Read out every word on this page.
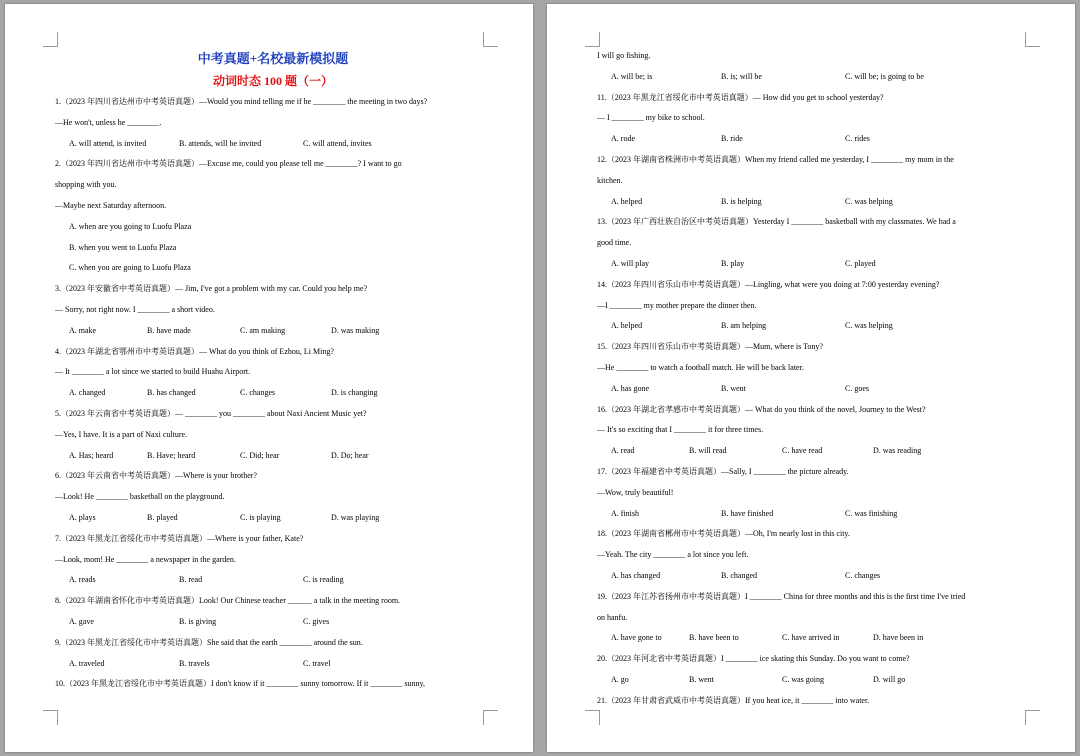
中考真题+名校最新模拟题
动词时态 100 题（一）
1.（2023 年四川省达州市中考英语真题）—Would you mind telling me if he ________ the meeting in two days?
—He won't, unless he ________.
A. will attend, is invited	B. attends, will be invited	C. will attend, invites
2.（2023 年四川省达州市中考英语真题）—Excuse me, could you please tell me ________? I want to go
shopping with you.
—Maybe next Saturday afternoon.
A. when are you going to Luofu Plaza
B. when you went to Luofu Plaza
C. when you are going to Luofu Plaza
3.（2023 年安徽省中考英语真题）— Jim, I've got a problem with my car. Could you help me?
— Sorry, not right now. I ________ a short video.
A. make	B. have made	C. am making	D. was making
4.（2023 年湖北省鄂州市中考英语真题）— What do you think of Ezhou, Li Ming?
— It ________ a lot since we started to build Huahu Airport.
A. changed	B. has changed	C. changes	D. is changing
5.（2023 年云南省中考英语真题）— ________ you ________ about Naxi Ancient Music yet?
—Yes, I have. It is a part of Naxi culture.
A. Has; heard	B. Have; heard	C. Did; hear	D. Do; hear
6.（2023 年云南省中考英语真题）—Where is your brother?
—Look! He ________ basketball on the playground.
A. plays	B. played	C. is playing	D. was playing
7.（2023 年黑龙江省绥化市中考英语真题）—Where is your father, Kate?
—Look, mom! He ________ a newspaper in the garden.
A. reads	B. read	C. is reading
8.（2023 年湖南省怀化市中考英语真题）Look! Our Chinese teacher ______ a talk in the meeting room.
A. gave	B. is giving	C. gives
9.（2023 年黑龙江省绥化市中考英语真题）She said that the earth ________ around the sun.
A. traveled	B. travels	C. travel
10.（2023 年黑龙江省绥化市中考英语真题）I don't know if it ________ sunny tomorrow. If it ________ sunny,
I will go fishing.
A. will be; is	B. is; will be	C. will be; is going to be
11.（2023 年黑龙江省绥化市中考英语真题）— How did you get to school yesterday?
— I ________ my bike to school.
A. rode	B. ride	C. rides
12.（2023 年湖南省株洲市中考英语真题）When my friend called me yesterday, I ________ my mom in the
kitchen.
A. helped	B. is helping	C. was helping
13.（2023 年广西壮族自治区中考英语真题）Yesterday I ________ basketball with my classmates. We had a
good time.
A. will play	B. play	C. played
14.（2023 年四川省乐山市中考英语真题）—Lingling, what were you doing at 7:00 yesterday evening?
—I ________ my mother prepare the dinner then.
A. helped	B. am helping	C. was helping
15.（2023 年四川省乐山市中考英语真题）—Mum, where is Tony?
—He ________ to watch a football match. He will be back later.
A. has gone	B. went	C. goes
16.（2023 年湖北省孝感市中考英语真题）— What do you think of the novel, Journey to the West?
— It's so exciting that I ________ it for three times.
A. read	B. will read	C. have read	D. was reading
17.（2023 年福建省中考英语真题）—Sally, I ________ the picture already.
—Wow, truly beautiful!
A. finish	B. have finished	C. was finishing
18.（2023 年湖南省郴州市中考英语真题）—Oh, I'm nearly lost in this city.
—Yeah. The city ________ a lot since you left.
A. has changed	B. changed	C. changes
19.（2023 年江苏省扬州市中考英语真题）I ________ China for three months and this is the first time I've tried
on hanfu.
A. have gone to	B. have been to	C. have arrived in	D. have been in
20.（2023 年河北省中考英语真题）I ________ ice skating this Sunday. Do you want to come?
A. go	B. went	C. was going	D. will go
21.（2023 年甘肃省武威市中考英语真题）If you heat ice, it ________ into water.
